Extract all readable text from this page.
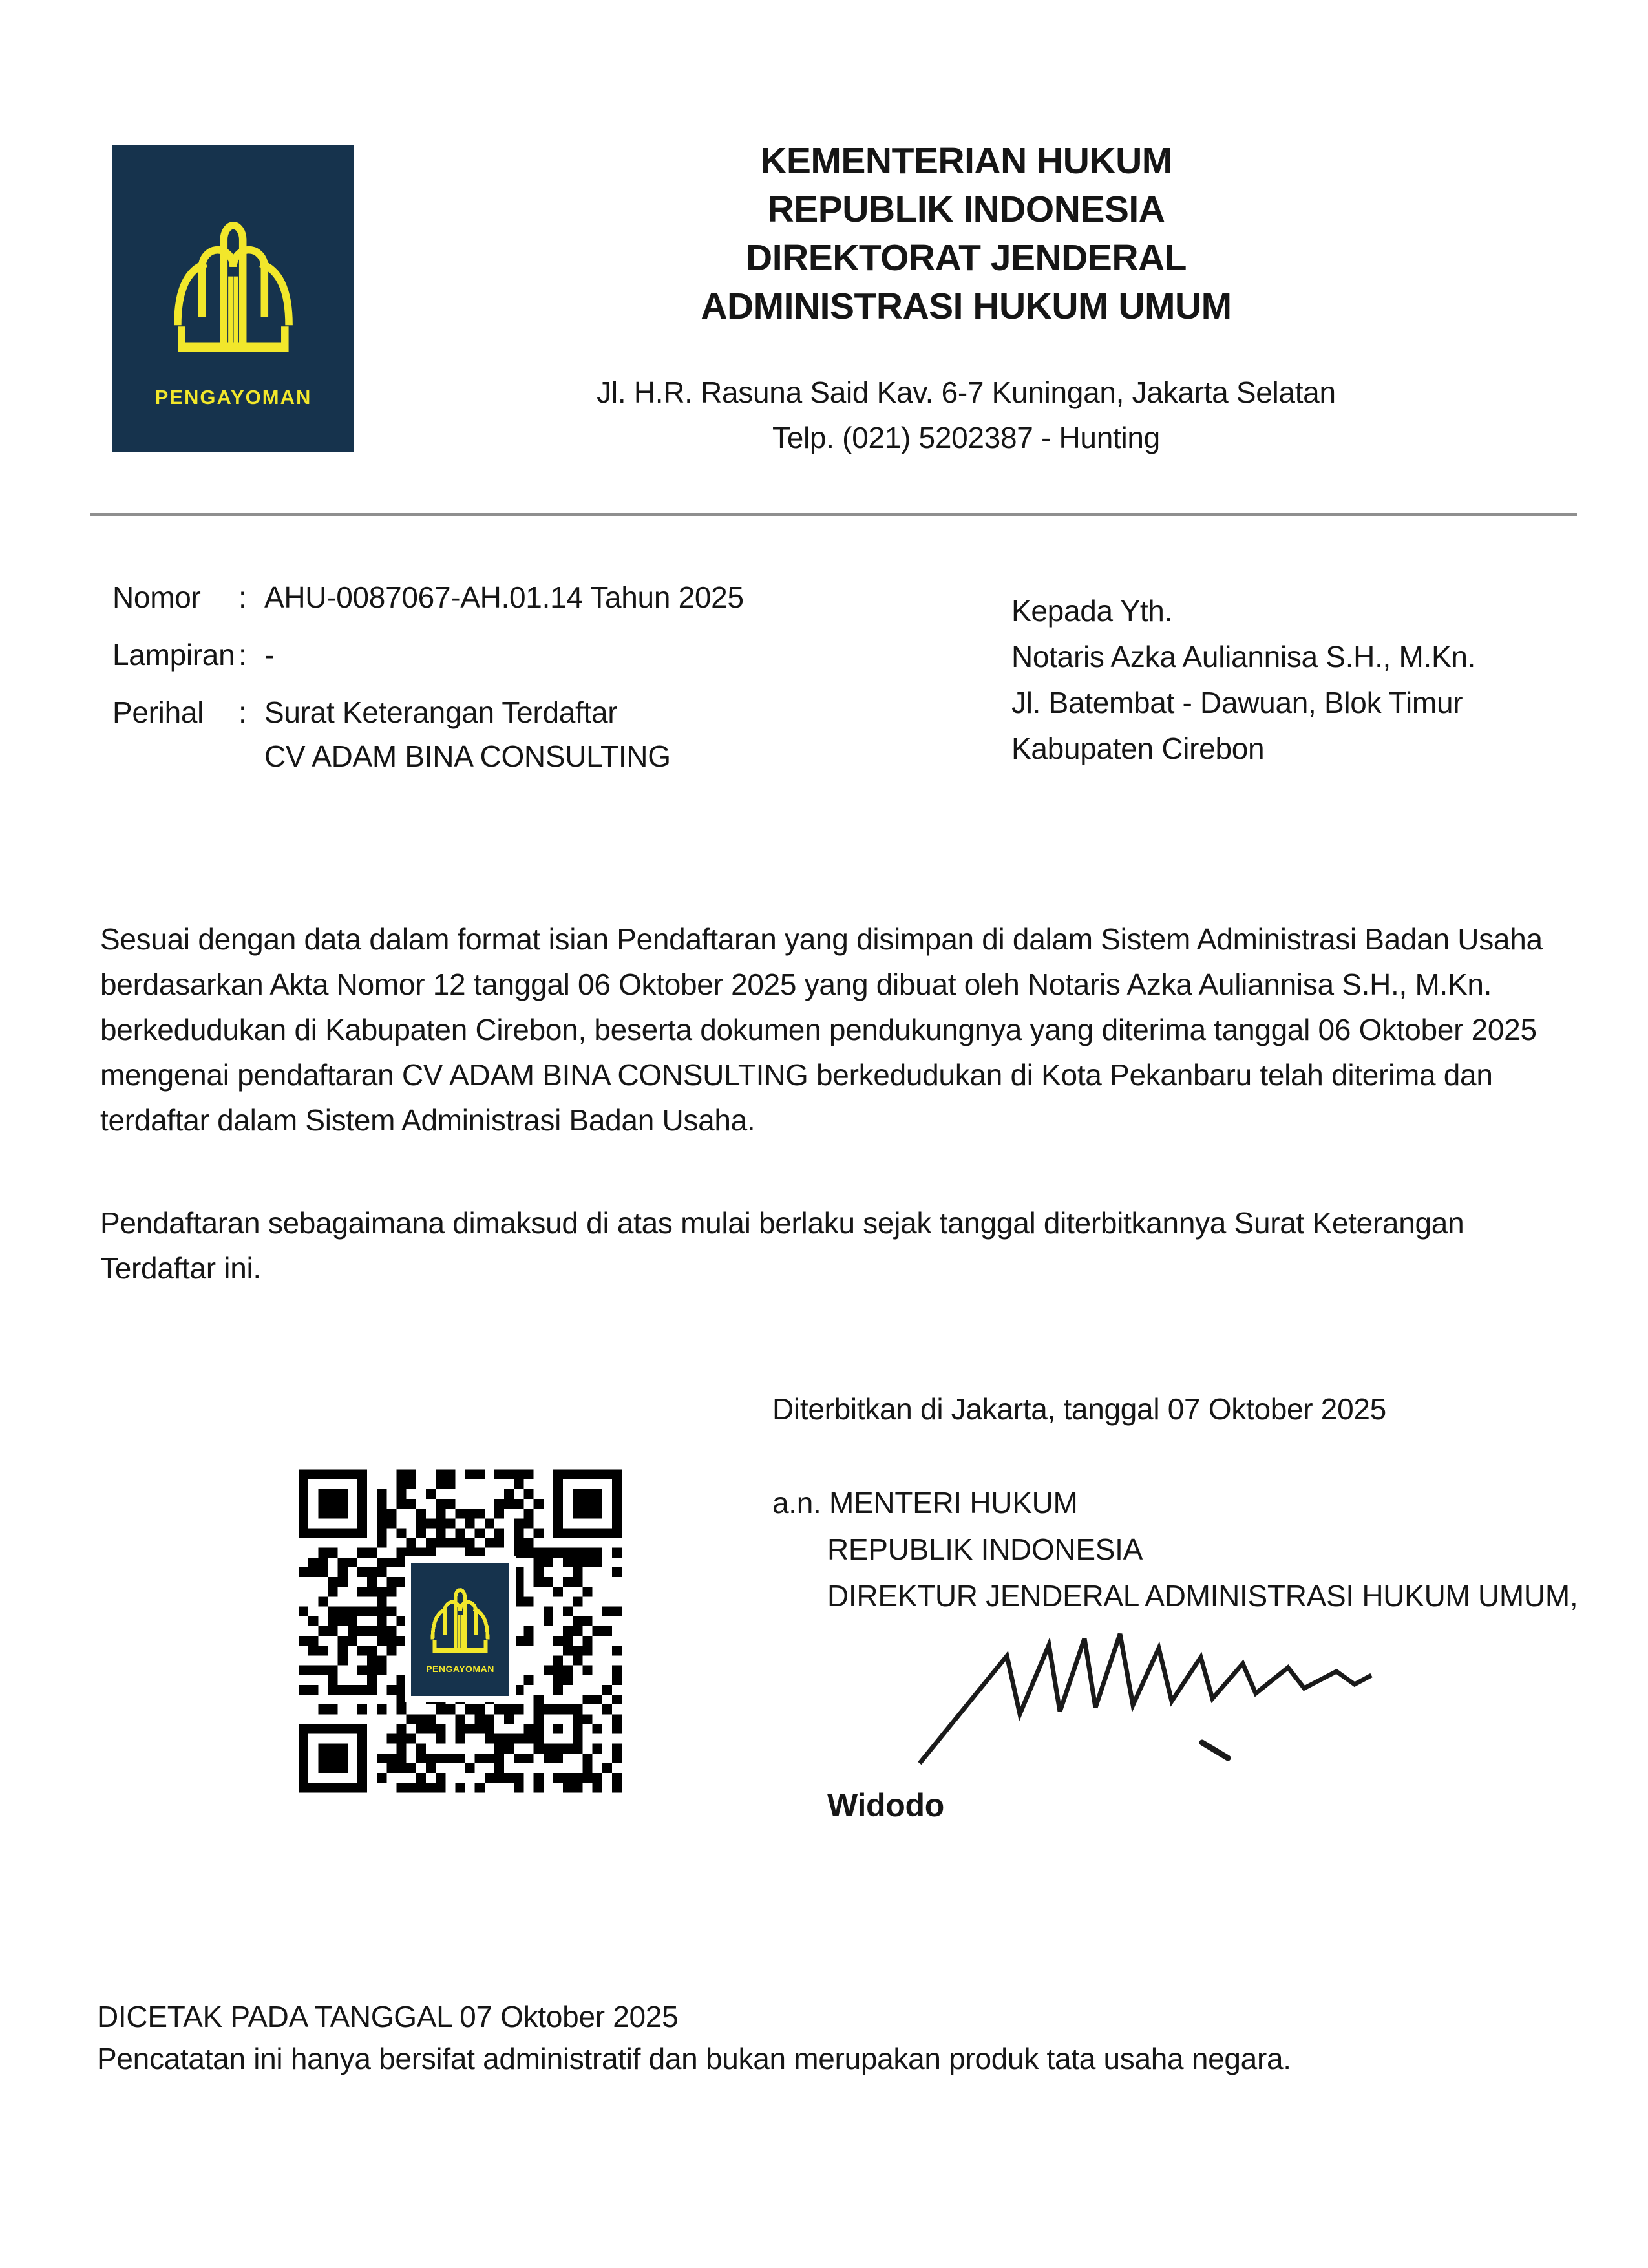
PENGAYOMAN
KEMENTERIAN HUKUM
REPUBLIK INDONESIA
DIREKTORAT JENDERAL
ADMINISTRASI HUKUM UMUM
Jl. H.R. Rasuna Said Kav. 6-7 Kuningan, Jakarta Selatan
Telp. (021) 5202387 - Hunting
Nomor	: AHU-0087067-AH.01.14 Tahun 2025
Lampiran : -
Perihal	: Surat Keterangan Terdaftar
CV ADAM BINA CONSULTING
Kepada Yth.
Notaris Azka Auliannisa S.H., M.Kn.
Jl. Batembat - Dawuan, Blok Timur
Kabupaten Cirebon
Sesuai dengan data dalam format isian Pendaftaran yang disimpan di dalam Sistem Administrasi Badan Usaha berdasarkan Akta Nomor 12 tanggal 06 Oktober 2025 yang dibuat oleh Notaris Azka Auliannisa S.H., M.Kn. berkedudukan di Kabupaten Cirebon, beserta dokumen pendukungnya yang diterima tanggal 06 Oktober 2025 mengenai pendaftaran CV ADAM BINA CONSULTING berkedudukan di Kota Pekanbaru telah diterima dan terdaftar dalam Sistem Administrasi Badan Usaha.
Pendaftaran sebagaimana dimaksud di atas mulai berlaku sejak tanggal diterbitkannya Surat Keterangan Terdaftar ini.
Diterbitkan di Jakarta, tanggal 07 Oktober 2025
a.n. MENTERI HUKUM
REPUBLIK INDONESIA
DIREKTUR JENDERAL ADMINISTRASI HUKUM UMUM,
Widodo
PENGAYOMAN
DICETAK PADA TANGGAL 07 Oktober 2025
Pencatatan ini hanya bersifat administratif dan bukan merupakan produk tata usaha negara.
